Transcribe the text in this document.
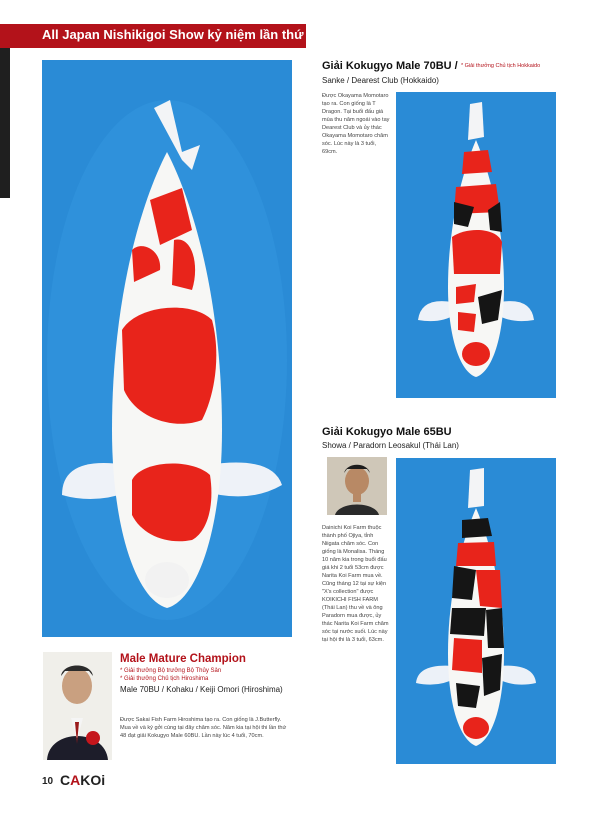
All Japan Nishikigoi Show kỷ niệm lần thứ 50
Giải Kokugyo Male 70BU / * Giải thưởng Chủ tịch Hokkaido
Sanke / Dearest Club (Hokkaido)
Được Okayama Momotaro tạo ra. Con giống là T Dragon. Tại buổi đấu giá mùa thu năm ngoái vào tay Dearest Club và ủy thác Okayama Momotaro chăm sóc. Lúc này là 3 tuổi, 69cm.
Giải Kokugyo Male 65BU
Showa / Paradorn Leosakul (Thái Lan)
Dainichi Koi Farm thuộc thành phố Ojiya, tỉnh Niigata chăm sóc. Con giống là Monalisa. Tháng 10 năm kia trong buổi đấu giá khi 2 tuổi 53cm được Narita Koi Farm mua về. Cũng tháng 12 tại sự kiện "X's collection" được KOIKICHI FISH FARM (Thái Lan) thu về và ông Paradorn mua được, ủy thác Narita Koi Farm chăm sóc tại nước suối. Lúc này tại hội thi là 3 tuổi, 63cm.
Male Mature Champion
* Giải thưởng Bộ trưởng Bộ Thủy Sản
* Giải thưởng Chủ tịch Hiroshima
Male 70BU / Kohaku / Keiji Omori (Hiroshima)
Được Sakai Fish Farm Hiroshima tạo ra. Con giống là J.Butterfly. Mua về và ký gởi cùng tại đây chăm sóc. Năm kia tại hội thi lần thứ 48 đạt giải Kokugyo Male 60BU. Lần này lúc 4 tuổi, 70cm.
10 CAKOi
